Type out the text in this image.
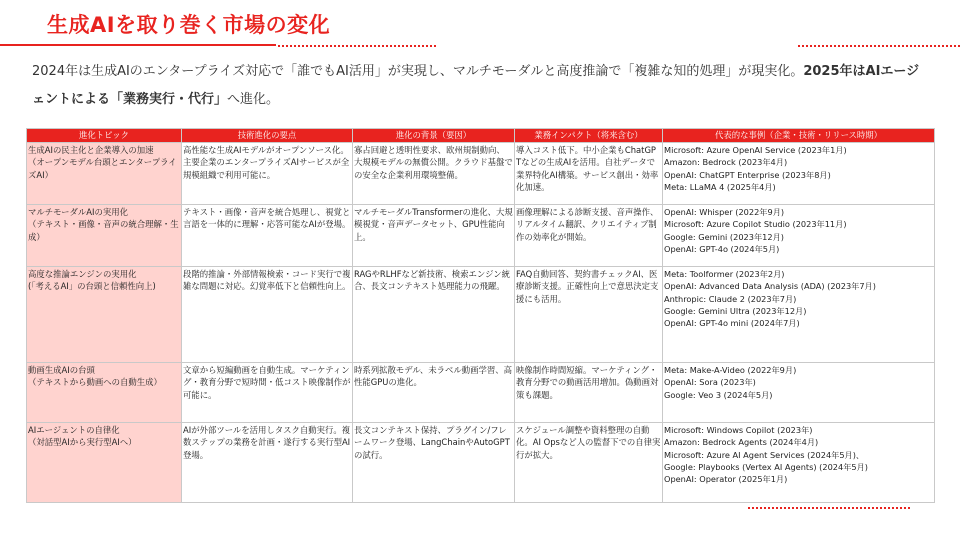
生成AIを取り巻く市場の変化
2024年は生成AIのエンタープライズ対応で「誰でもAI活用」が実現し、マルチモーダルと高度推論で「複雑な知的処理」が現実化。2025年はAIエージェントによる「業務実行・代行」へ進化。
進化トピック	技術進化の要点	進化の背景（要因）	業務インパクト（将来含む）	代表的な事例（企業・技術・リリース時期）

生成AIの民主化と企業導入の加速
（オープンモデル台頭とエンタープライズAI）	高性能な生成AIモデルがオープンソース化。主要企業のエンタープライズAIサービスが全規模組織で利用可能に。	寡占回避と透明性要求、欧州規制動向、大規模モデルの無償公開。クラウド基盤での安全な企業利用環境整備。	導入コスト低下。中小企業もChatGPTなどの生成AIを活用。自社データで業界特化AI構築。サービス創出・効率化加速。	Microsoft: Azure OpenAI Service (2023年1月)
Amazon: Bedrock (2023年4月)
OpenAI: ChatGPT Enterprise (2023年8月)
Meta: LLaMA 4 (2025年4月)

マルチモーダルAIの実用化
（テキスト・画像・音声の統合理解・生成）	テキスト・画像・音声を統合処理し、視覚と言語を一体的に理解・応答可能なAIが登場。	マルチモーダルTransformerの進化、大規模視覚・音声データセット、GPU性能向上。	画像理解による診断支援、音声操作、リアルタイム翻訳、クリエイティブ制作の効率化が開始。	OpenAI: Whisper (2022年9月)
Microsoft: Azure Copilot Studio (2023年11月)
Google: Gemini (2023年12月)
OpenAI: GPT-4o (2024年5月)

高度な推論エンジンの実用化
(「考えるAI」の台頭と信頼性向上)	段階的推論・外部情報検索・コード実行で複雑な問題に対応。幻覚率低下と信頼性向上。	RAGやRLHFなど新技術、検索エンジン統合、長文コンテキスト処理能力の飛躍。	FAQ自動回答、契約書チェックAI、医療診断支援。正確性向上で意思決定支援にも活用。	Meta: Toolformer (2023年2月)
OpenAI: Advanced Data Analysis (ADA) (2023年7月)
Anthropic: Claude 2 (2023年7月)
Google: Gemini Ultra (2023年12月)
OpenAI: GPT-4o mini (2024年7月)

動画生成AIの台頭
（テキストから動画への自動生成）	文章から短編動画を自動生成。マーケティング・教育分野で短時間・低コスト映像制作が可能に。	時系列拡散モデル、未ラベル動画学習、高性能GPUの進化。	映像制作時間短縮。マーケティング・教育分野での動画活用増加。偽動画対策も課題。	Meta: Make-A-Video (2022年9月)
OpenAI: Sora (2023年)
Google: Veo 3 (2024年5月)

AIエージェントの自律化
（対話型AIから実行型AIへ）	AIが外部ツールを活用しタスク自動実行。複数ステップの業務を計画・遂行する実行型AI登場。	長文コンテキスト保持、プラグイン/フレームワーク登場、LangChainやAutoGPTの試行。	スケジュール調整や資料整理の自動化。AI Opsなど人の監督下での自律実行が拡大。	Microsoft: Windows Copilot (2023年)
Amazon: Bedrock Agents (2024年4月)
Microsoft: Azure AI Agent Services (2024年5月)、
Google: Playbooks (Vertex AI Agents) (2024年5月)
OpenAI: Operator (2025年1月)
